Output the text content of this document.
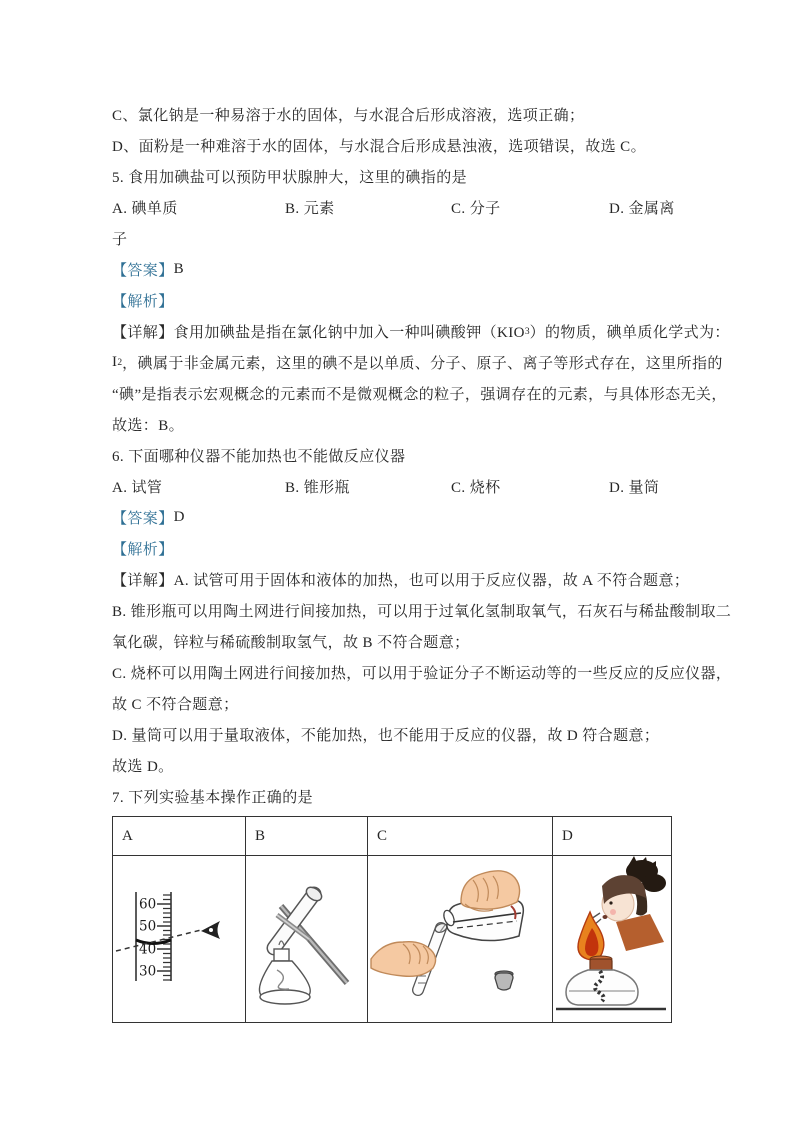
C、氯化钠是一种易溶于水的固体，与水混合后形成溶液，选项正确；
D、面粉是一种难溶于水的固体，与水混合后形成悬浊液，选项错误，故选 C。
5. 食用加碘盐可以预防甲状腺肿大，这里的碘指的是
A. 碘单质	B. 元素	C. 分子	D. 金属离
子
【答案】 B
【解析】
【详解】食用加碘盐是指在氯化钠中加入一种叫碘酸钾（KIO 3 ）的物质，碘单质化学式为：
I 2 ，碘属于非金属元素，这里的碘不是以单质、分子、原子、离子等形式存在，这里所指的
“碘”是指表示宏观概念的元素而不是微观概念的粒子，强调存在的元素，与具体形态无关，
故选：B。
6. 下面哪种仪器不能加热也不能做反应仪器
A. 试管	B. 锥形瓶	C. 烧杯	D. 量筒
【答案】 D
【解析】
【详解】A. 试管可用于固体和液体的加热，也可以用于反应仪器，故 A 不符合题意；
B. 锥形瓶可以用陶土网进行间接加热，可以用于过氧化氢制取氧气，石灰石与稀盐酸制取二
氧化碳，锌粒与稀硫酸制取氢气，故 B 不符合题意；
C. 烧杯可以用陶土网进行间接加热，可以用于验证分子不断运动等的一些反应的反应仪器，
故 C 不符合题意；
D. 量筒可以用于量取液体，不能加热，也不能用于反应的仪器，故 D 符合题意；
故选 D。
7. 下列实验基本操作正确的是
A	B	C	D

60
50
40
30
